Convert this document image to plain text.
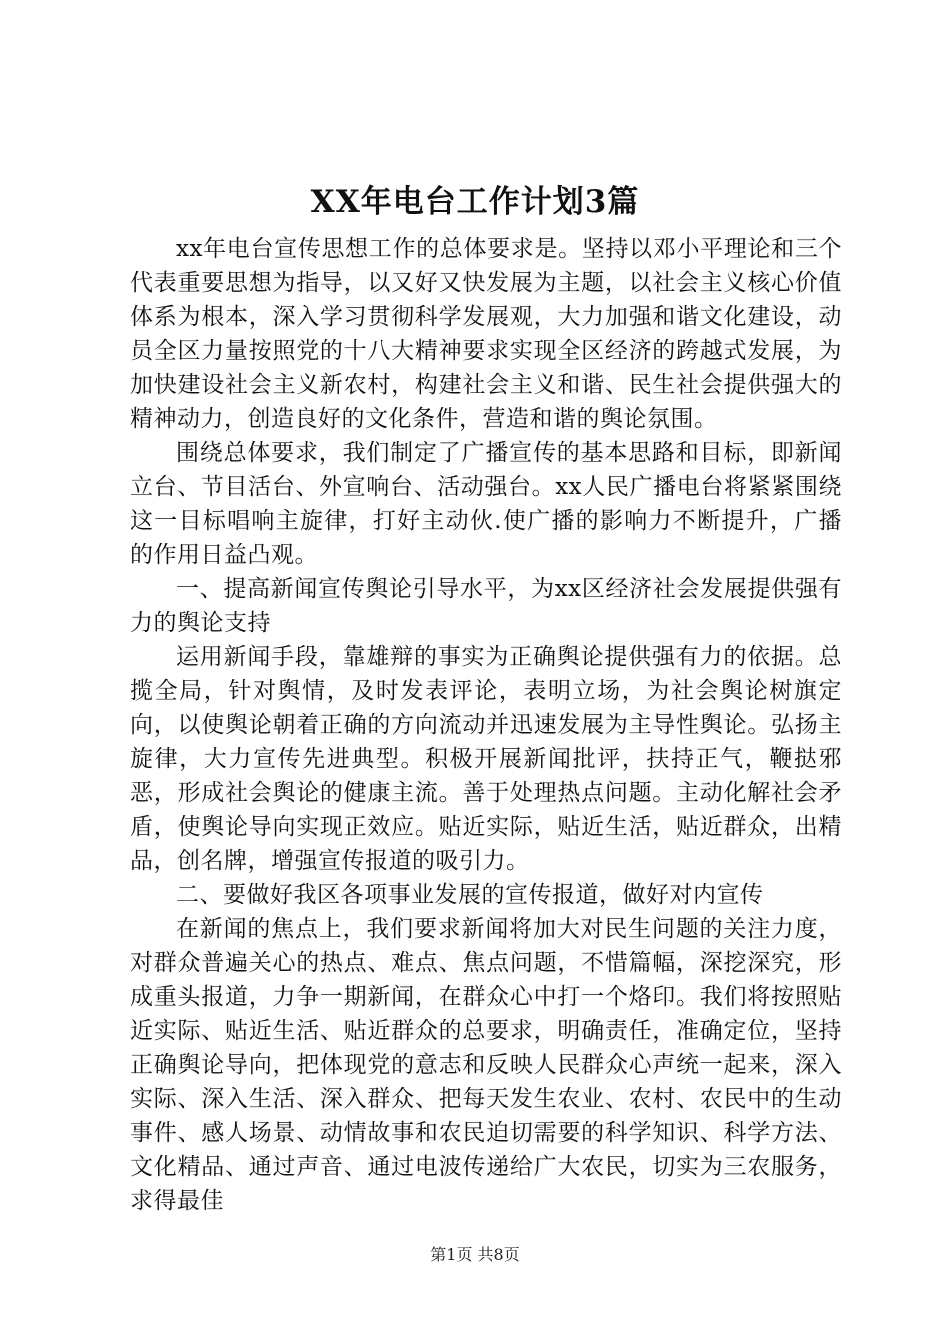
XX年电台工作计划3篇

xx年电台宣传思想工作的总体要求是。坚持以邓小平理论和三个代表重要思想为指导，以又好又快发展为主题，以社会主义核心价值体系为根本，深入学习贯彻科学发展观，大力加强和谐文化建设，动员全区力量按照党的十八大精神要求实现全区经济的跨越式发展，为加快建设社会主义新农村，构建社会主义和谐、民生社会提供强大的精神动力，创造良好的文化条件，营造和谐的舆论氛围。

围绕总体要求，我们制定了广播宣传的基本思路和目标，即新闻立台、节目活台、外宣响台、活动强台。xx人民广播电台将紧紧围绕这一目标唱响主旋律，打好主动伙.使广播的影响力不断提升，广播的作用日益凸观。

一、提高新闻宣传舆论引导水平，为xx区经济社会发展提供强有力的舆论支持

运用新闻手段，靠雄辩的事实为正确舆论提供强有力的依据。总揽全局，针对舆情，及时发表评论，表明立场，为社会舆论树旗定向，以使舆论朝着正确的方向流动并迅速发展为主导性舆论。弘扬主旋律，大力宣传先进典型。积极开展新闻批评，扶持正气，鞭挞邪恶，形成社会舆论的健康主流。善于处理热点问题。主动化解社会矛盾，使舆论导向实现正效应。贴近实际，贴近生活，贴近群众，出精品，创名牌，增强宣传报道的吸引力。

二、要做好我区各项事业发展的宣传报道，做好对内宣传

在新闻的焦点上，我们要求新闻将加大对民生问题的关注力度，对群众普遍关心的热点、难点、焦点问题，不惜篇幅，深挖深究，形成重头报道，力争一期新闻，在群众心中打一个烙印。我们将按照贴近实际、贴近生活、贴近群众的总要求，明确责任，准确定位，坚持正确舆论导向，把体现党的意志和反映人民群众心声统一起来，深入实际、深入生活、深入群众、把每天发生农业、农村、农民中的生动事件、感人场景、动情故事和农民迫切需要的科学知识、科学方法、文化精品、通过声音、通过电波传递给广大农民，切实为三农服务，求得最佳

第1页 共8页
